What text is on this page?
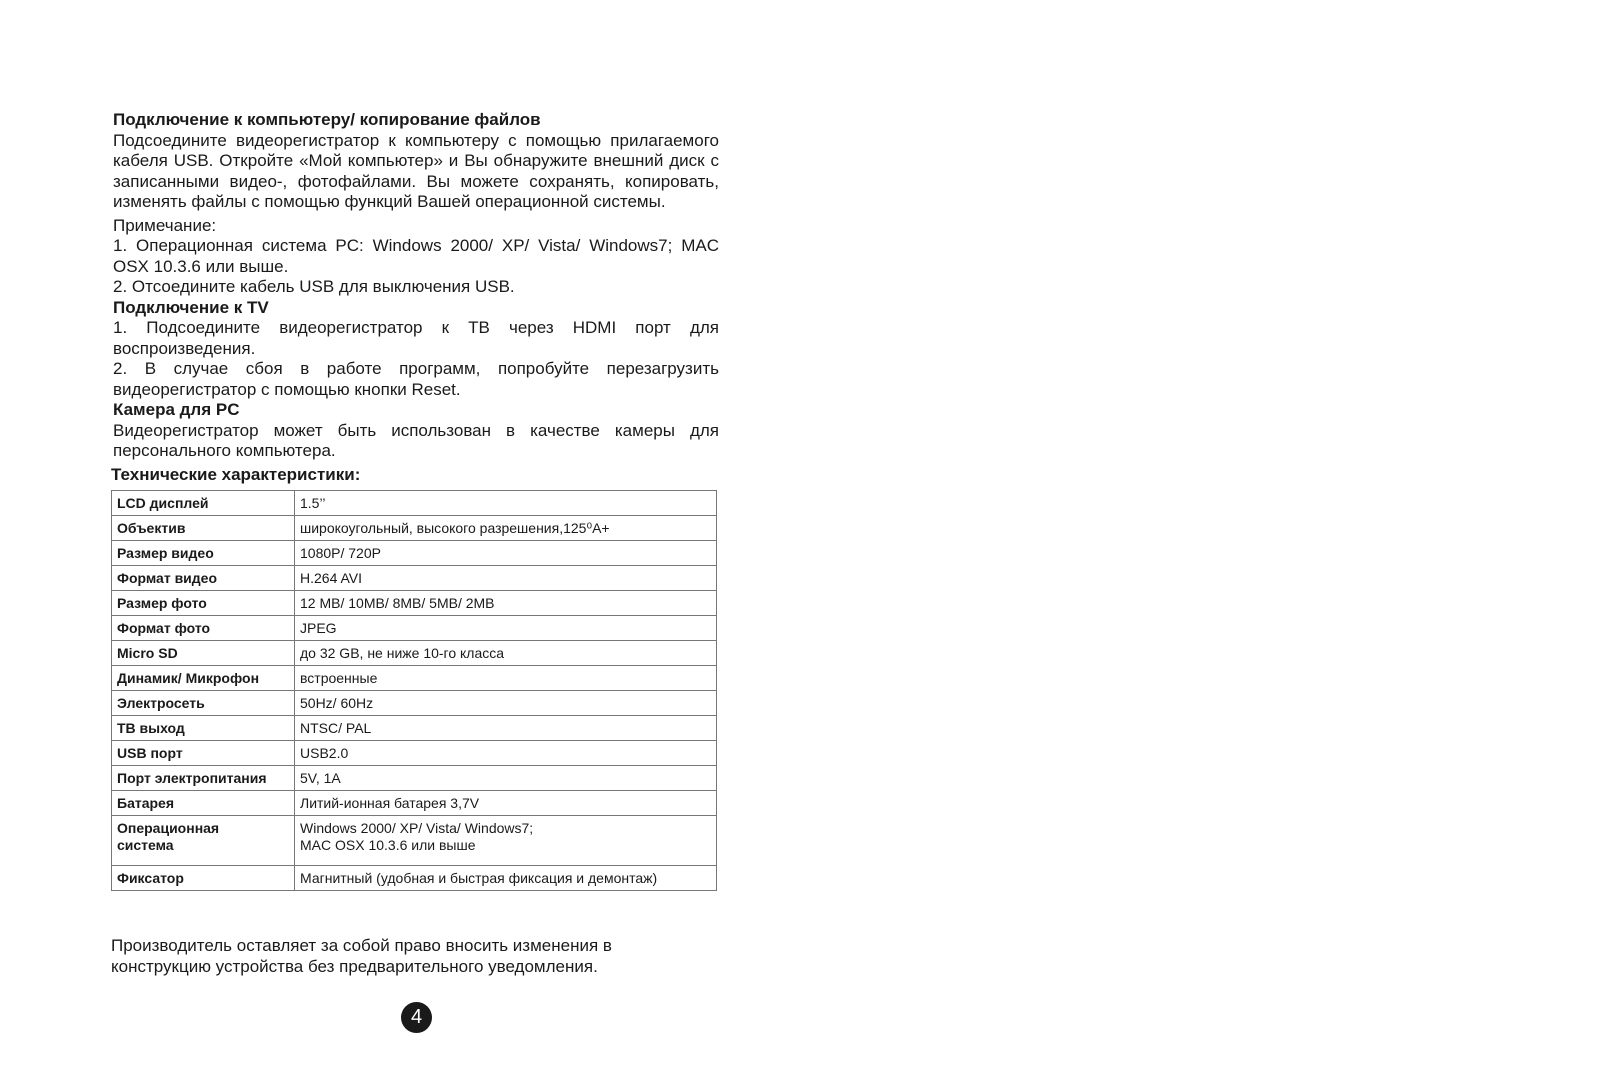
Подключение к компьютеру/ копирование файлов

Подсоедините видеорегистратор к компьютеру с помощью прилагаемого кабеля USB. Откройте «Мой компьютер» и Вы обнаружите внешний диск с записанными видео-, фотофайлами. Вы можете сохранять, копировать, изменять файлы с помощью функций Вашей операционной системы.

Примечание:

1. Операционная система PC: Windows 2000/ XP/ Vista/ Windows7; MAC OSX 10.3.6 или выше.

2. Отсоедините кабель USB для выключения USB.

Подключение к TV

1. Подсоедините видеорегистратор к ТВ через HDMI порт для воспроизведения.

2. В случае сбоя в работе программ, попробуйте перезагрузить видеорегистратор с помощью кнопки Reset.

Камера для PC

Видеорегистратор может быть использован в качестве камеры для персонального компьютера.

Технические характеристики:

LCD дисплей	1.5’’
Объектив	широкоугольный, высокого разрешения,125⁰A+
Размер видео	1080P/ 720P
Формат видео	H.264 AVI
Размер фото	12 MB/ 10MB/ 8MB/ 5MB/ 2MB
Формат фото	JPEG
Micro SD	до 32 GB, не ниже 10-го класса
Динамик/ Микрофон	встроенные
Электросеть	50Hz/ 60Hz
ТВ выход	NTSC/ PAL
USB порт	USB2.0
Порт электропитания	5V, 1A
Батарея	Литий-ионная батарея 3,7V
Операционная
система	Windows 2000/ XP/ Vista/ Windows7;
MAC OSX 10.3.6 или выше
Фиксатор	Магнитный (удобная и быстрая фиксация и демонтаж)
Производитель оставляет за собой право вносить изменения в
конструкцию устройства без предварительного уведомления.
4
